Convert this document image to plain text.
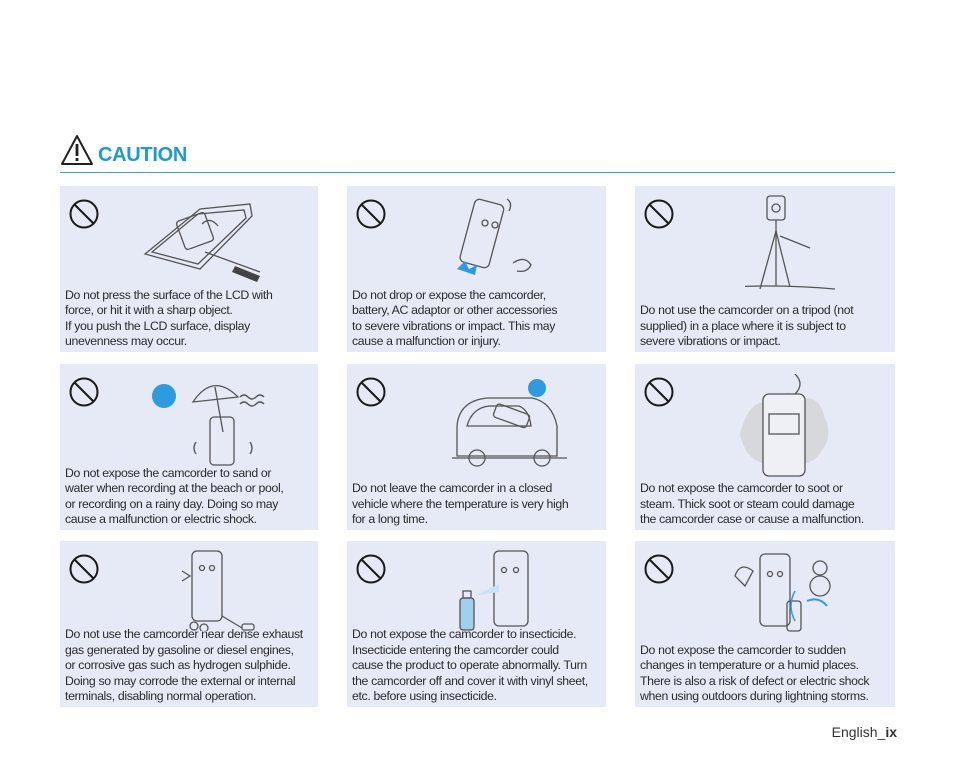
CAUTION
Do not press the surface of the LCD with
force, or hit it with a sharp object.
If you push the LCD surface, display
unevenness may occur.
Do not drop or expose the camcorder,
battery, AC adaptor or other accessories
to severe vibrations or impact. This may
cause a malfunction or injury.
Do not use the camcorder on a tripod (not
supplied) in a place where it is subject to
severe vibrations or impact.
Do not expose the camcorder to sand or
water when recording at the beach or pool,
or recording on a rainy day. Doing so may
cause a malfunction or electric shock.
Do not leave the camcorder in a closed
vehicle where the temperature is very high
for a long time.
Do not expose the camcorder to soot or
steam. Thick soot or steam could damage
the camcorder case or cause a malfunction.
Do not use the camcorder near dense exhaust
gas generated by gasoline or diesel engines,
or corrosive gas such as hydrogen sulphide.
Doing so may corrode the external or internal
terminals, disabling normal operation.
Do not expose the camcorder to insecticide.
Insecticide entering the camcorder could
cause the product to operate abnormally. Turn
the camcorder off and cover it with vinyl sheet,
etc. before using insecticide.
Do not expose the camcorder to sudden
changes in temperature or a humid places.
There is also a risk of defect or electric shock
when using outdoors during lightning storms.
English_ix
